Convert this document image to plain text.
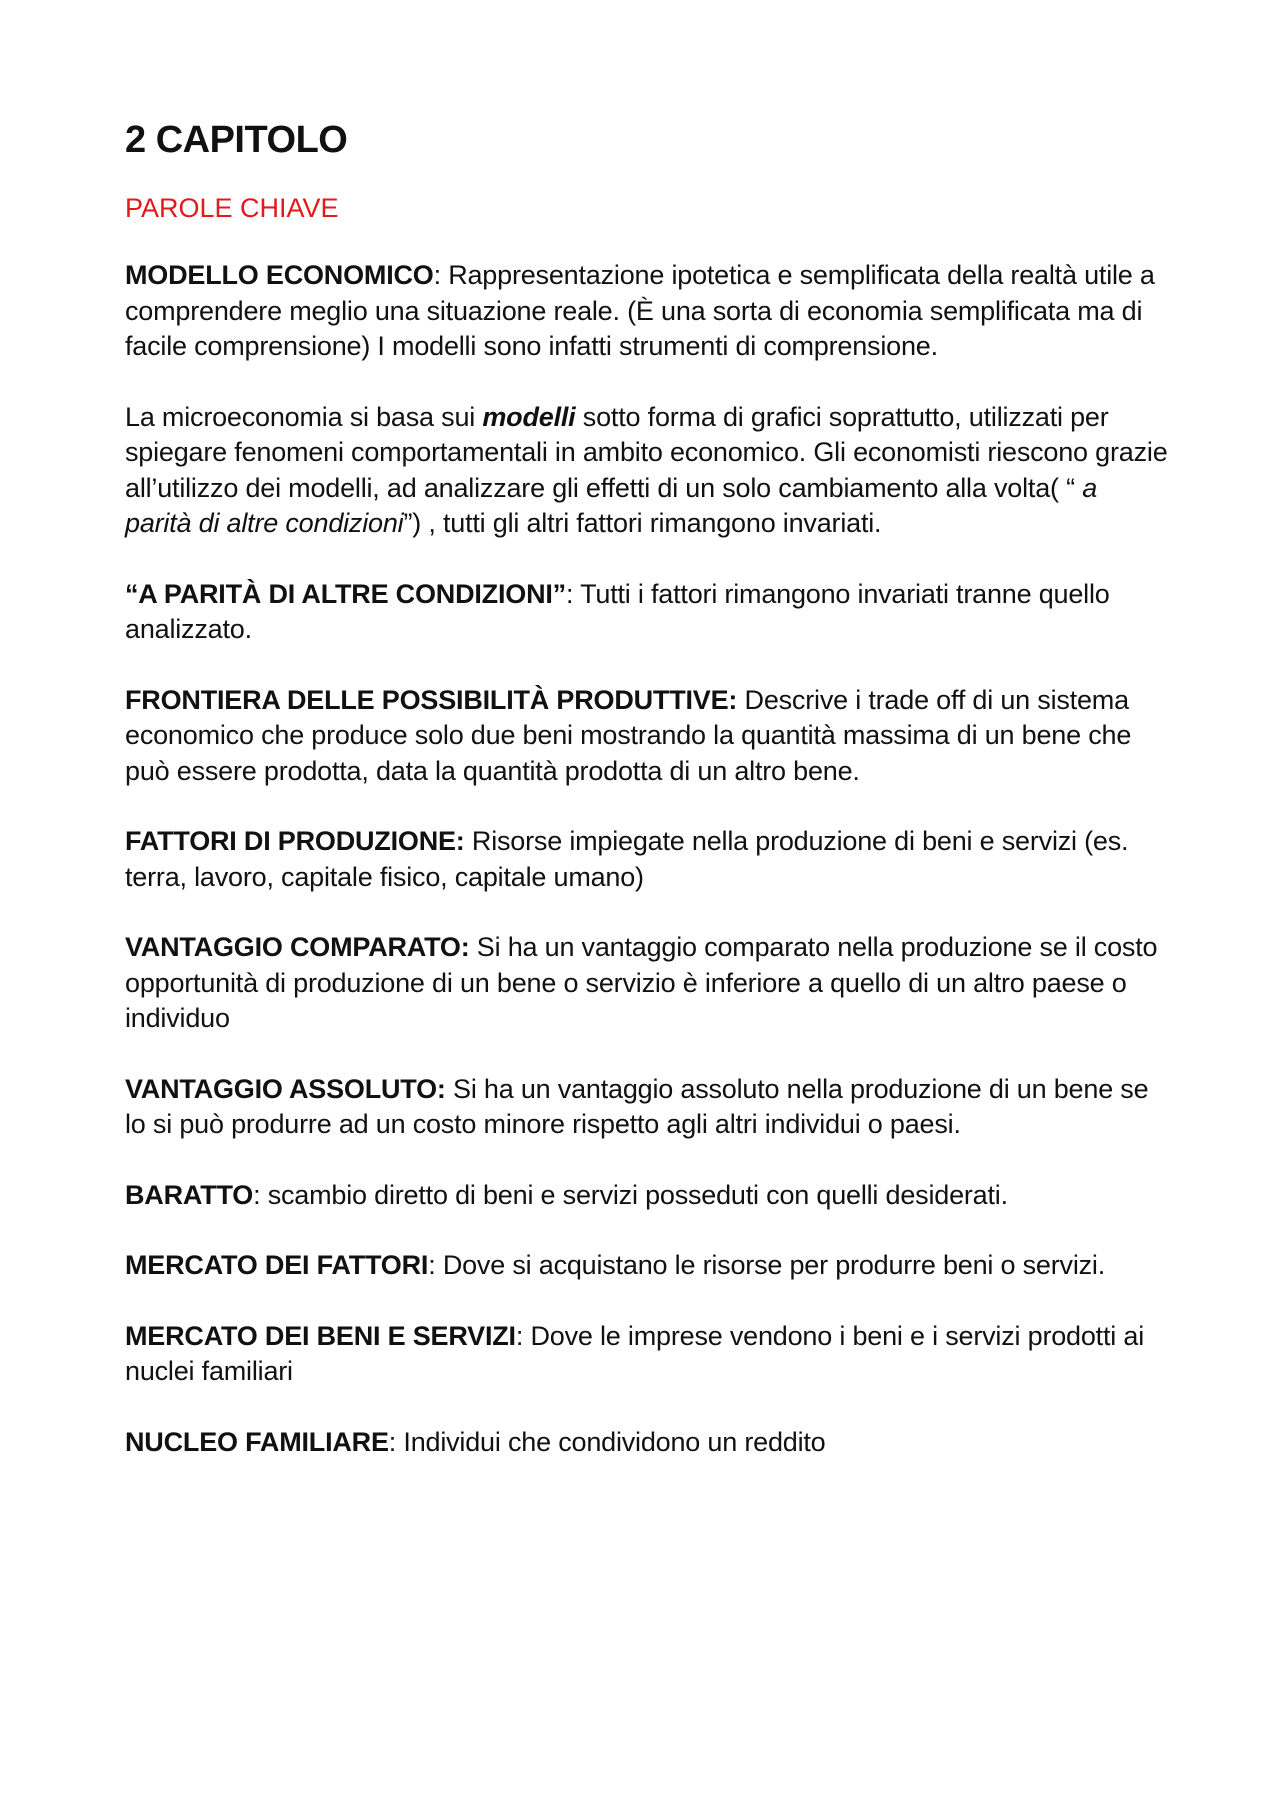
2 CAPITOLO
PAROLE CHIAVE

MODELLO ECONOMICO: Rappresentazione ipotetica e semplificata della realtà utile a comprendere meglio una situazione reale. (È una sorta di economia semplificata ma di facile comprensione) I modelli sono infatti strumenti di comprensione.

La microeconomia si basa sui modelli sotto forma di grafici soprattutto, utilizzati per spiegare fenomeni comportamentali in ambito economico. Gli economisti riescono grazie all’utilizzo dei modelli, ad analizzare gli effetti di un solo cambiamento alla volta( “ a parità di altre condizioni”) , tutti gli altri fattori rimangono invariati.

“A PARITÀ DI ALTRE CONDIZIONI”: Tutti i fattori rimangono invariati tranne quello analizzato.

FRONTIERA DELLE POSSIBILITÀ PRODUTTIVE: Descrive i trade off di un sistema economico che produce solo due beni mostrando la quantità massima di un bene che può essere prodotta, data la quantità prodotta di un altro bene.

FATTORI DI PRODUZIONE: Risorse impiegate nella produzione di beni e servizi (es. terra, lavoro, capitale fisico, capitale umano)

VANTAGGIO COMPARATO: Si ha un vantaggio comparato nella produzione se il costo opportunità di produzione di un bene o servizio è inferiore a quello di un altro paese o individuo

VANTAGGIO ASSOLUTO: Si ha un vantaggio assoluto nella produzione di un bene se lo si può produrre ad un costo minore rispetto agli altri individui o paesi.

BARATTO: scambio diretto di beni e servizi posseduti con quelli desiderati.

MERCATO DEI FATTORI: Dove si acquistano le risorse per produrre beni o servizi.

MERCATO DEI BENI E SERVIZI: Dove le imprese vendono i beni e i servizi prodotti ai nuclei familiari

NUCLEO FAMILIARE: Individui che condividono un reddito
